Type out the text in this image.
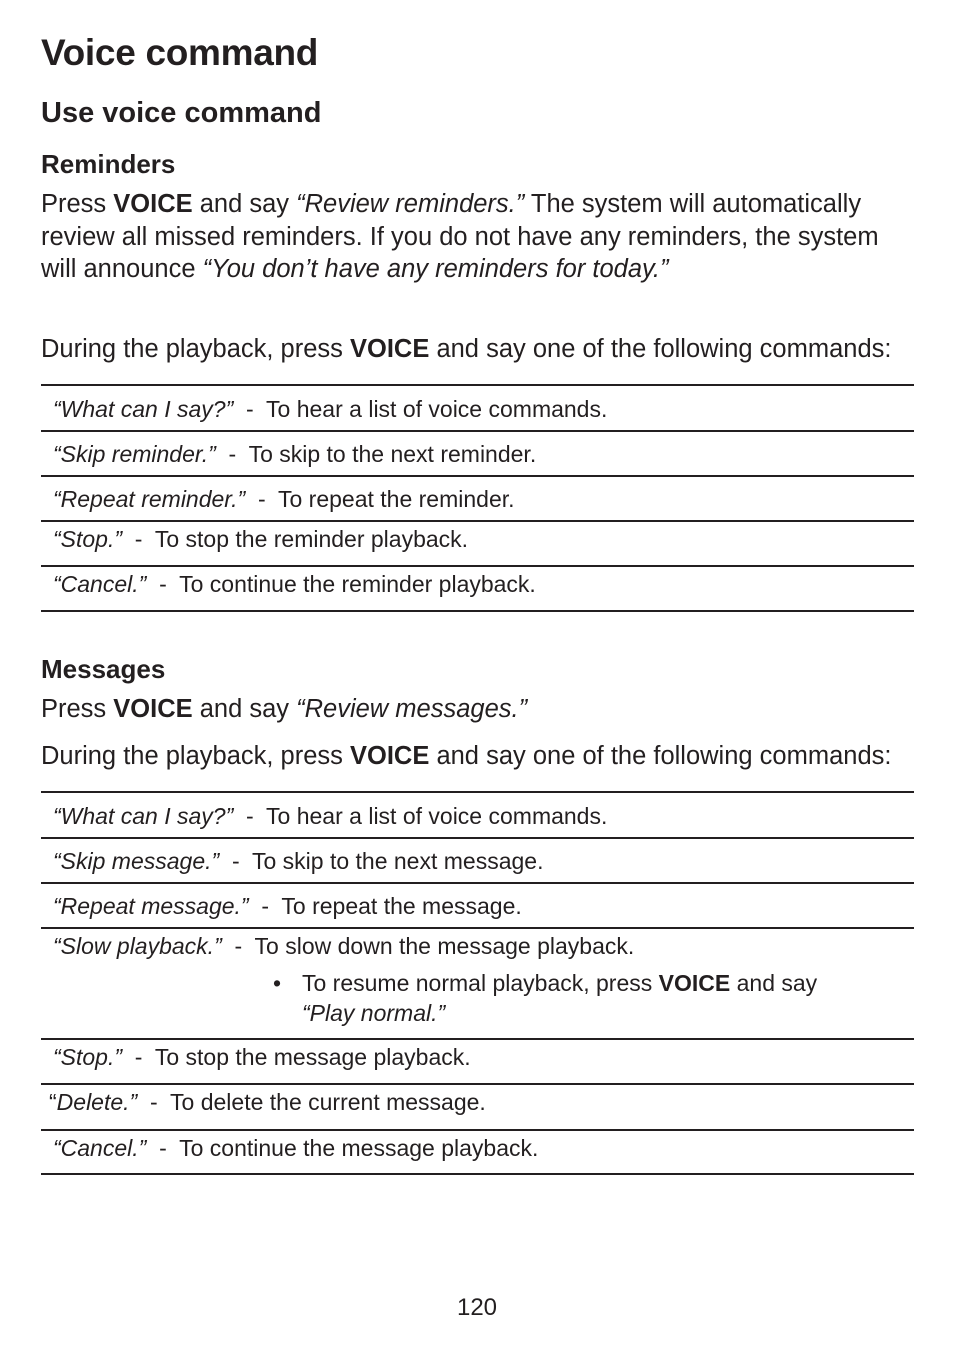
Voice command
Use voice command
Reminders

Press VOICE and say “Review reminders.” The system will automatically review all missed reminders. If you do not have any reminders, the system will announce “You don’t have any reminders for today.”

During the playback, press VOICE and say one of the following commands:

“What can I say?”  -  To hear a list of voice commands.
“Skip reminder.”  -  To skip to the next reminder.
“Repeat reminder.”  -  To repeat the reminder.
“Stop.”  -  To stop the reminder playback.
“Cancel.”  -  To continue the reminder playback.
Messages

Press VOICE and say “Review messages.”

During the playback, press VOICE and say one of the following commands:

“What can I say?”  -  To hear a list of voice commands.
“Skip message.”  -  To skip to the next message.
“Repeat message.”  -  To repeat the message.
“Slow playback.”  -  To slow down the message playback.
• To resume normal playback, press VOICE and say
“Play normal.”
“Stop.”  -  To stop the message playback.
“Delete.”  -  To delete the current message.
“Cancel.”  -  To continue the message playback.
120
